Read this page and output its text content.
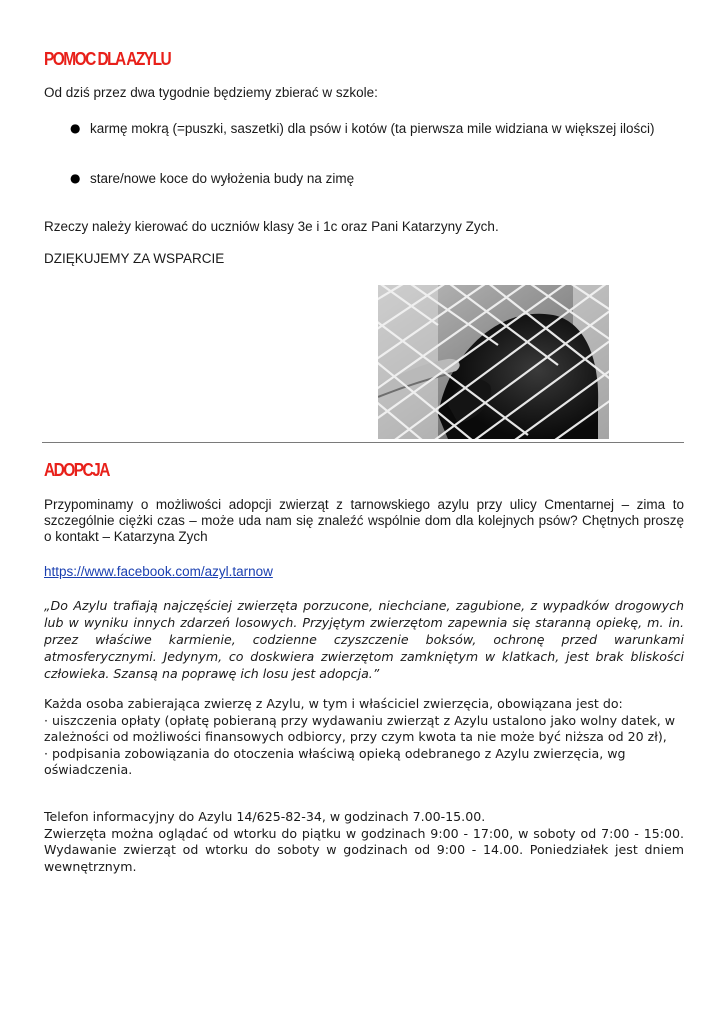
POMOC DLA AZYLU

Od dziś przez dwa tygodnie będziemy zbierać w szkole:

● karmę mokrą (=puszki, saszetki) dla psów i kotów (ta pierwsza mile widziana w większej ilości)
● stare/nowe koce do wyłożenia budy na zimę

Rzeczy należy kierować do uczniów klasy 3e i 1c oraz Pani Katarzyny Zych.

DZIĘKUJEMY ZA WSPARCIE

ADOPCJA

Przypominamy o możliwości adopcji zwierząt z tarnowskiego azylu przy ulicy Cmentarnej – zima to szczególnie ciężki czas – może uda nam się znaleźć wspólnie dom dla kolejnych psów? Chętnych proszę o kontakt – Katarzyna Zych

https://www.facebook.com/azyl.tarnow

„Do Azylu trafiają najczęściej zwierzęta porzucone, niechciane, zagubione, z wypadków drogowych lub w wyniku innych zdarzeń losowych. Przyjętym zwierzętom zapewnia się staranną opiekę, m. in. przez właściwe karmienie, codzienne czyszczenie boksów, ochronę przed warunkami atmosferycznymi. Jedynym, co doskwiera zwierzętom zamkniętym w klatkach, jest brak bliskości człowieka. Szansą na poprawę ich losu jest adopcja.”

Każda osoba zabierająca zwierzę z Azylu, w tym i właściciel zwierzęcia, obowiązana jest do:
· uiszczenia opłaty (opłatę pobieraną przy wydawaniu zwierząt z Azylu ustalono jako wolny datek, w zależności od możliwości finansowych odbiorcy, przy czym kwota ta nie może być niższa od 20 zł),
· podpisania zobowiązania do otoczenia właściwą opieką odebranego z Azylu zwierzęcia, wg oświadczenia.
Telefon informacyjny do Azylu 14/625-82-34, w godzinach 7.00-15.00.
Zwierzęta można oglądać od wtorku do piątku w godzinach 9:00 - 17:00, w soboty od 7:00 - 15:00. Wydawanie zwierząt od wtorku do soboty w godzinach od 9:00 - 14.00. Poniedziałek jest dniem wewnętrznym.
